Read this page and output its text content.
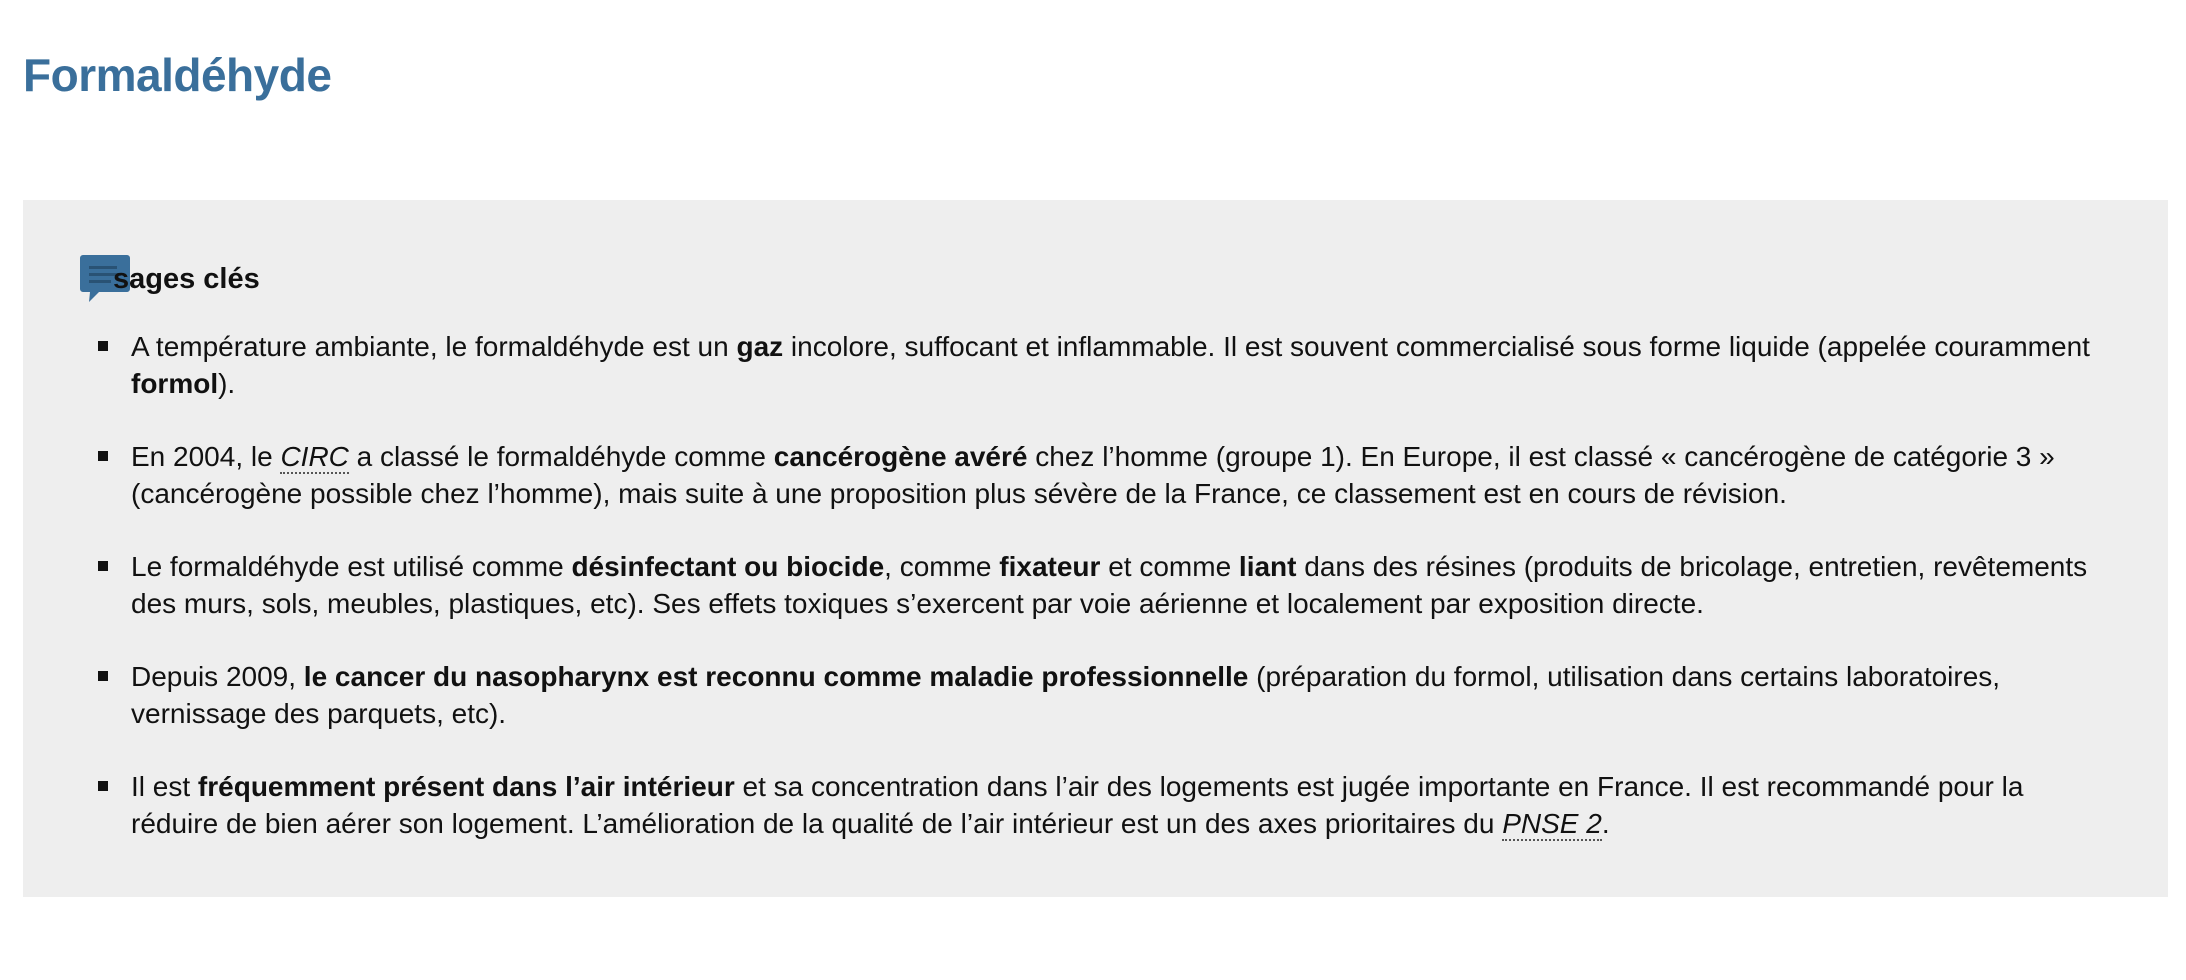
Formaldéhyde
sages clés
A température ambiante, le formaldéhyde est un gaz incolore, suffocant et inflammable. Il est souvent commercialisé sous forme liquide (appelée couramment formol).
En 2004, le CIRC a classé le formaldéhyde comme cancérogène avéré chez l’homme (groupe 1). En Europe, il est classé « cancérogène de catégorie 3 » (cancérogène possible chez l’homme), mais suite à une proposition plus sévère de la France, ce classement est en cours de révision.
Le formaldéhyde est utilisé comme désinfectant ou biocide, comme fixateur et comme liant dans des résines (produits de bricolage, entretien, revêtements des murs, sols, meubles, plastiques, etc). Ses effets toxiques s’exercent par voie aérienne et localement par exposition directe.
Depuis 2009, le cancer du nasopharynx est reconnu comme maladie professionnelle (préparation du formol, utilisation dans certains laboratoires, vernissage des parquets, etc).
Il est fréquemment présent dans l’air intérieur et sa concentration dans l’air des logements est jugée importante en France. Il est recommandé pour la réduire de bien aérer son logement. L’amélioration de la qualité de l’air intérieur est un des axes prioritaires du PNSE 2.
